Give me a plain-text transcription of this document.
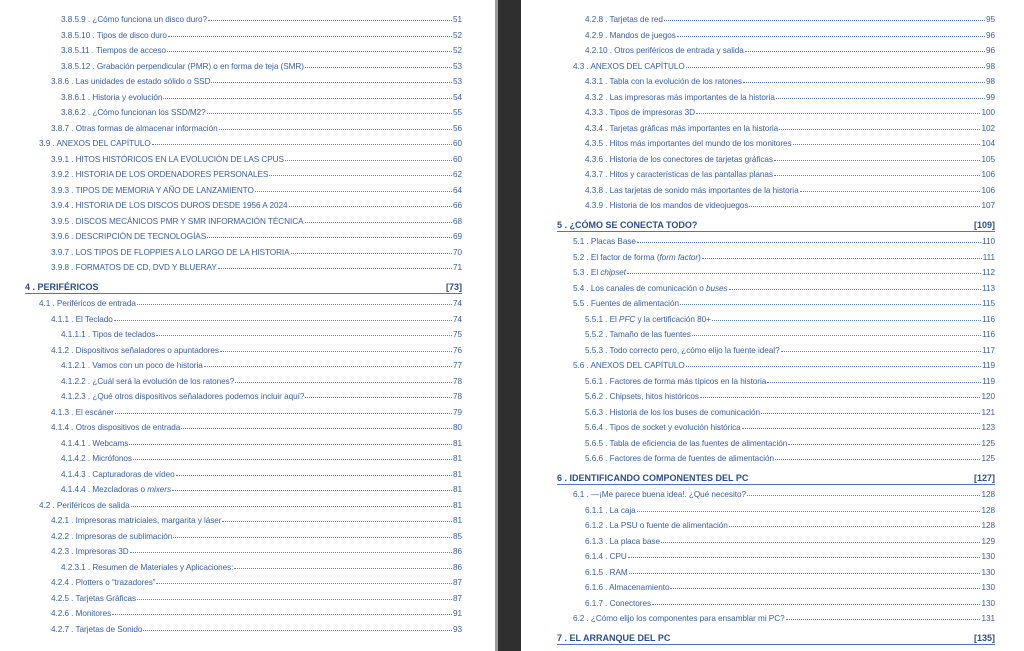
3.8.5.9 . ¿Cómo funciona un disco duro?	51
3.8.5.10 . Tipos de disco duro	52
3.8.5.11 . Tiempos de acceso	52
3.8.5.12 . Grabación perpendicular (PMR) o en forma de teja (SMR)	53
3.8.6 . Las unidades de estado sólido o SSD	53
3.8.6.1 . Historia y evolución	54
3.8.6.2 . ¿Cómo funcionan los SSD/M2?	55
3.8.7 . Otras formas de almacenar información	56
3.9 . ANEXOS DEL CAPÍTULO	60
3.9.1 . HITOS HISTÓRICOS EN LA EVOLUCIÓN DE LAS CPUS	60
3.9.2 . HISTORIA DE LOS ORDENADORES PERSONALES	62
3.9.3 . TIPOS DE MEMORIA Y AÑO DE LANZAMIENTO	64
3.9.4 . HISTORIA DE LOS DISCOS DUROS DESDE 1956 A 2024	66
3.9.5 . DISCOS MECÁNICOS PMR Y SMR INFORMACIÓN TÉCNICA	68
3.9.6 . DESCRIPCIÓN DE TECNOLOGÍAS	69
3.9.7 . LOS TIPOS DE FLOPPIES A LO LARGO DE LA HISTORIA	70
3.9.8 . FORMATOS DE CD, DVD Y BLUERAY	71
4 . PERIFÉRICOS	[73]
4.1 . Periféricos de entrada	74
4.1.1 . El Teclado	74
4.1.1.1 . Tipos de teclados	75
4.1.2 . Dispositivos señaladores o apuntadores	76
4.1.2.1 . Vamos con un poco de historia	77
4.1.2.2 . ¿Cuál será la evolución de los ratones?	78
4.1.2.3 . ¿Qué otros dispositivos señaladores podemos incluir aquí?	78
4.1.3 . El escáner	79
4.1.4 . Otros dispositivos de entrada	80
4.1.4.1 . Webcams	81
4.1.4.2 . Micrófonos	81
4.1.4.3 . Capturadoras de vídeo	81
4.1.4.4 . Mezcladoras o mixers	81
4.2 . Periféricos de salida	81
4.2.1 . Impresoras matriciales, margarita y láser	81
4.2.2 . Impresoras de sublimación	85
4.2.3 . Impresoras 3D	86
4.2.3.1 . Resumen de Materiales y Aplicaciones:	86
4.2.4 . Plotters o “trazadores”	87
4.2.5 . Tarjetas Gráficas	87
4.2.6 . Monitores	91
4.2.7 . Tarjetas de Sonido	93
4.2.8 . Tarjetas de red	95
4.2.9 . Mandos de juegos	96
4.2.10 . Otros periféricos de entrada y salida	96
4.3 . ANEXOS DEL CAPÍTULO	98
4.3.1 . Tabla con la evolución de los ratones	98
4.3.2 . Las impresoras más importantes de la historia	99
4.3.3 . Tipos de impresoras 3D	100
4.3.4 . Tarjetas gráficas más importantes en la historia	102
4.3.5 . Hitos más importantes del mundo de los monitores	104
4.3.6 . Historia de los conectores de tarjetas gráficas	105
4.3.7 . Hitos y características de las pantallas planas	106
4.3.8 . Las tarjetas de sonido más importantes de la historia	106
4.3.9 . Historia de los mandos de videojuegos	107
5 . ¿CÓMO SE CONECTA TODO?	[109]
5.1 . Placas Base	110
5.2 . El factor de forma (form factor)	111
5.3 . El chipset	112
5.4 . Los canales de comunicación o buses	113
5.5 . Fuentes de alimentación	115
5.5.1 . El PFC y la certificación 80+	116
5.5.2 . Tamaño de las fuentes	116
5.5.3 . Todo correcto pero, ¿cómo elijo la fuente ideal?	117
5.6 . ANEXOS DEL CAPÍTULO	119
5.6.1 . Factores de forma más típicos en la historia	119
5.6.2 . Chipsets, hitos históricos	120
5.6.3 . Historia de los los buses de comunicación	121
5.6.4 . Tipos de socket y evolución histórica	123
5.6.5 . Tabla de eficiencia de las fuentes de alimentación	125
5.6.6 . Factores de forma de fuentes de alimentación	125
6 . IDENTIFICANDO COMPONENTES DEL PC	[127]
6.1 . —¡Me parece buena idea!. ¿Qué necesito?	128
6.1.1 . La caja	128
6.1.2 . La PSU o fuente de alimentación	128
6.1.3 . La placa base	129
6.1.4 . CPU	130
6.1.5 . RAM	130
6.1.6 . Almacenamiento	130
6.1.7 . Conectores	130
6.2 . ¿Cómo elijo los componentes para ensamblar mi PC?	131
7 . EL ARRANQUE DEL PC	[135]
